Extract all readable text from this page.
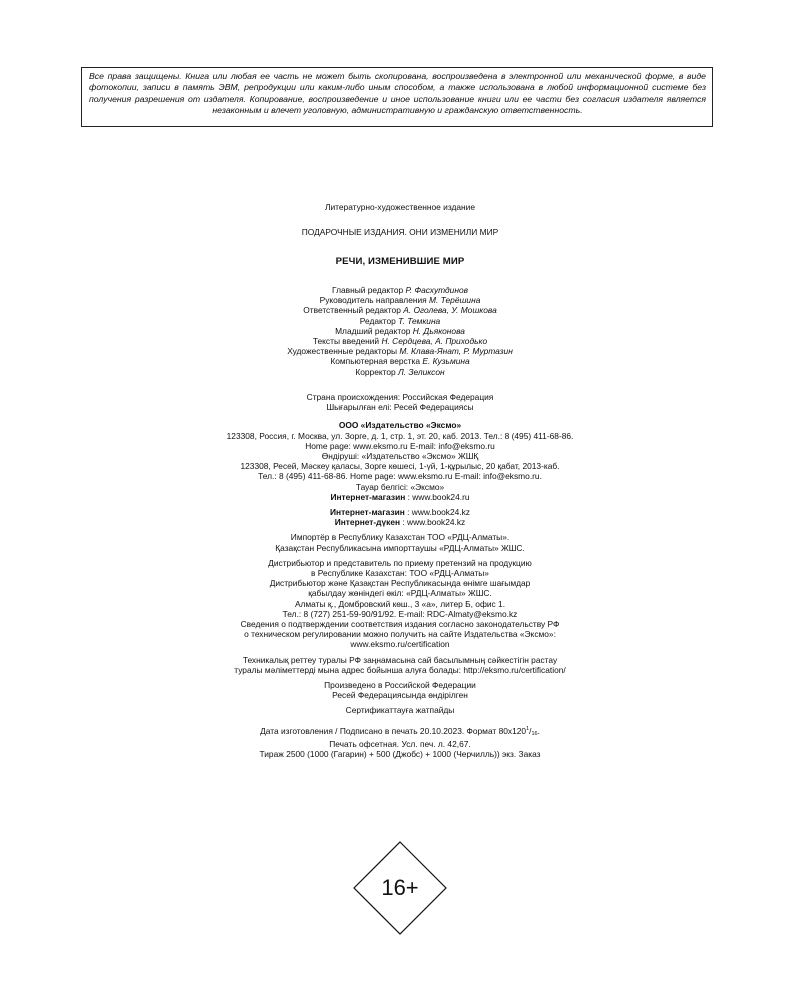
Все права защищены. Книга или любая ее часть не может быть скопирована, воспроизведена в электронной или механической форме, в виде фотокопии, записи в память ЭВМ, репродукции или каким-либо иным способом, а также использована в любой информационной системе без получения разрешения от издателя. Копирование, воспроизведение и иное использование книги или ее части без согласия издателя является незаконным и влечет уголовную, административную и гражданскую ответственность.

Литературно-художественное издание
ПОДАРОЧНЫЕ ИЗДАНИЯ. ОНИ ИЗМЕНИЛИ МИР
РЕЧИ, ИЗМЕНИВШИЕ МИР
Главный редактор Р. Фасхутдинов
Руководитель направления М. Терёшина
Ответственный редактор А. Оголева, У. Мошкова
Редактор Т. Темкина
Младший редактор Н. Дьяконова
Тексты введений Н. Сердцева, А. Приходько
Художественные редакторы М. Клава-Янат, Р. Муртазин
Компьютерная верстка Е. Кузьмина
Корректор Л. Зеликсон
Страна происхождения: Российская Федерация
Шығарылған елі: Ресей Федерациясы
ООО «Издательство «Эксмо»
123308, Россия, г. Москва, ул. Зорге, д. 1, стр. 1, эт. 20, каб. 2013. Тел.: 8 (495) 411-68-86.
Home page: www.eksmo.ru E-mail: info@eksmo.ru
Өндіруші: «Издательство «Эксмо» ЖШҚ
123308, Ресей, Мәскеу қаласы, Зорге көшесі, 1-үй, 1-құрылыс, 20 қабат, 2013-каб.
Тел.: 8 (495) 411-68-86. Home page: www.eksmo.ru E-mail: info@eksmo.ru.
Тауар белгісі: «Эксмо»
Интернет-магазин : www.book24.ru
Интернет-магазин : www.book24.kz
Интернет-дүкен : www.book24.kz
Импортёр в Республику Казахстан ТОО «РДЦ-Алматы».
Қазақстан Республикасына импорттаушы «РДЦ-Алматы» ЖШС.
Дистрибьютор и представитель по приему претензий на продукцию
в Республике Казахстан: ТОО «РДЦ-Алматы»
Дистрибьютор және Қазақстан Республикасында өнімге шағымдар
қабылдау жөніндегі өкіл: «РДЦ-Алматы» ЖШС.
Алматы қ., Домбровский көш., 3 «а», литер Б, офис 1.
Тел.: 8 (727) 251-59-90/91/92. E-mail: RDC-Almaty@eksmo.kz
Сведения о подтверждении соответствия издания согласно законодательству РФ
о техническом регулировании можно получить на сайте Издательства «Эксмо»:
www.eksmo.ru/certification
Техникалық реттеу туралы РФ заңнамасына сай басылымның сәйкестігін растау
туралы мәліметтерді мына адрес бойынша алуға болады: http://eksmo.ru/certification/
Произведено в Российской Федерации
Ресей Федерациясында өндірілген
Сертификаттауға жатпайды
Дата изготовления / Подписано в печать 20.10.2023. Формат $80x120^1/_{16}$.
Печать офсетная. Усл. печ. л. 42,67.
Тираж 2500 (1000 (Гагарин) + 500 (Джобс) + 1000 (Черчилль)) экз. Заказ
16+
